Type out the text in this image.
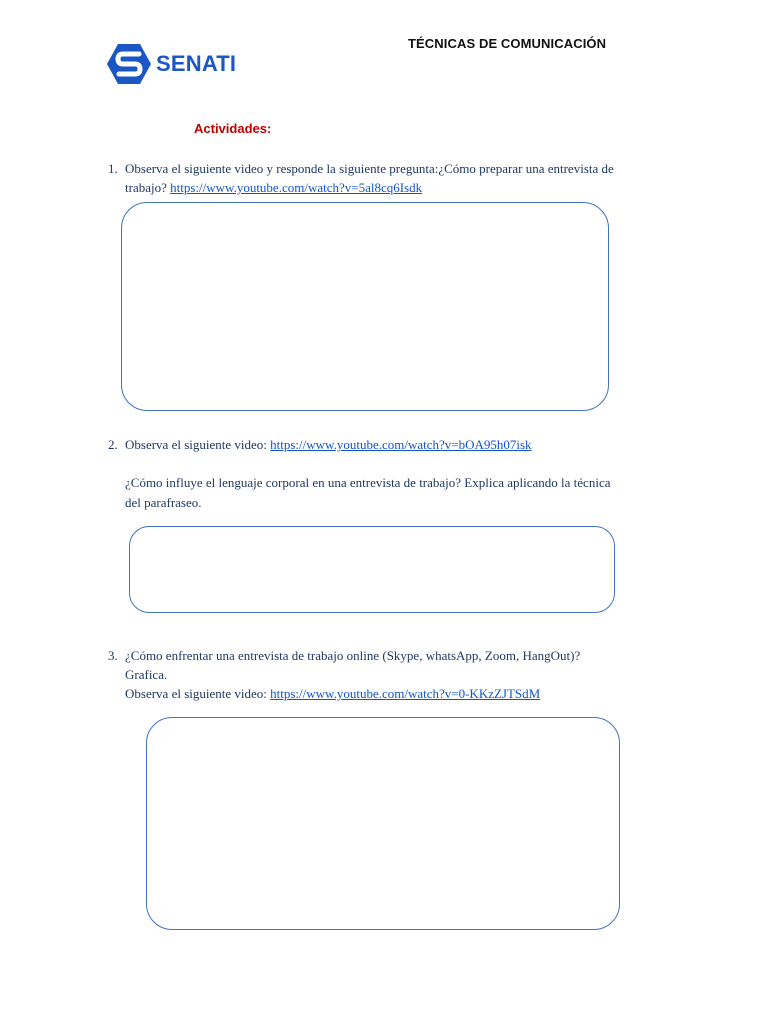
SENATI
TÉCNICAS DE COMUNICACIÓN
Actividades:
1. Observa el siguiente video y responde la siguiente pregunta:¿Cómo preparar una entrevista de
trabajo? https://www.youtube.com/watch?v=5al8cq6Isdk
2. Observa el siguiente video: https://www.youtube.com/watch?v=bOA95h07isk
¿Cómo influye el lenguaje corporal en una entrevista de trabajo? Explica aplicando la técnica
del parafraseo.
3. ¿Cómo enfrentar una entrevista de trabajo online (Skype, whatsApp, Zoom, HangOut)?
Grafica.
Observa el siguiente video: https://www.youtube.com/watch?v=0-KKzZJTSdM
